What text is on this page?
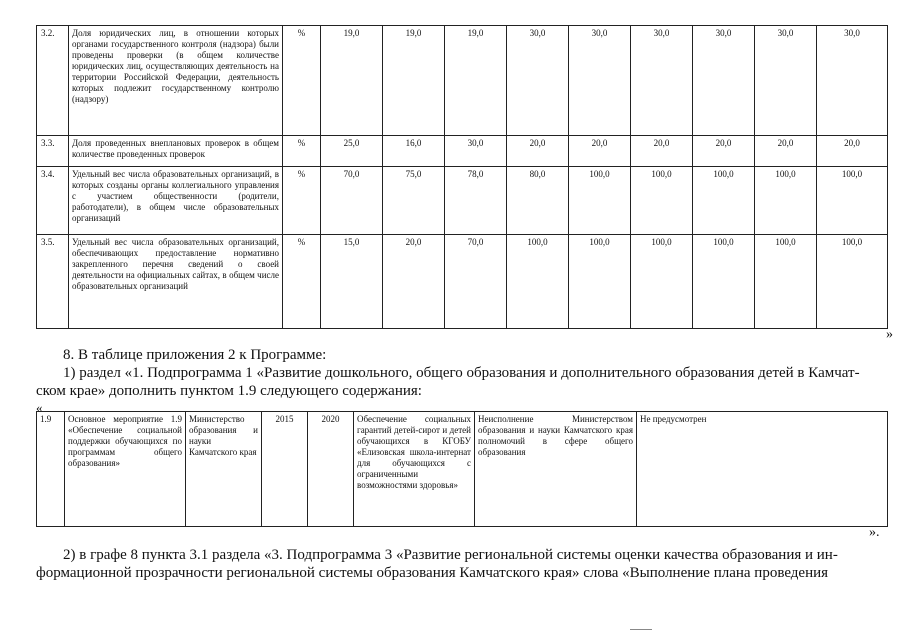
3.2.	Доля юридических лиц, в отношении которых органами государственного контроля (надзора) были проведены проверки (в общем количестве юридических лиц, осуществляющих деятельность на территории Российской Федерации, деятельность которых подлежит государственному контролю (надзору)	%	19,0	19,0	19,0	30,0	30,0	30,0	30,0	30,0	30,0
3.3.	Доля проведенных внеплановых проверок в общем количестве проведенных проверок	%	25,0	16,0	30,0	20,0	20,0	20,0	20,0	20,0	20,0
3.4.	Удельный вес числа образовательных организаций, в которых созданы органы коллегиального управления с участием общественности (родители, работодатели), в общем числе образовательных организаций	%	70,0	75,0	78,0	80,0	100,0	100,0	100,0	100,0	100,0
3.5.	Удельный вес числа образовательных организаций, обеспечивающих предоставление нормативно закрепленного перечня сведений о своей деятельности на официальных сайтах, в общем числе образовательных организаций	%	15,0	20,0	70,0	100,0	100,0	100,0	100,0	100,0	100,0
»
8. В таблице приложения 2 к Программе:
1) раздел «1. Подпрограмма 1 «Развитие дошкольного, общего образования и дополнительного образования детей в Камчат-
ском крае» дополнить пунктом 1.9 следующего содержания:
«
1.9	Основное мероприятие 1.9 «Обеспечение социальной поддержки обучающихся по программам общего образования»	Министерство образования и науки Камчатского края	2015	2020	Обеспечение социальных гарантий детей-сирот и детей обучающихся в КГОБУ «Елизовская школа-интернат для обучающихся с ограниченными возможностями здоровья»	Неисполнение Министерством образования и науки Камчатского края полномочий в сфере общего образования	Не предусмотрен
».
2) в графе 8 пункта 3.1 раздела «3. Подпрограмма 3 «Развитие региональной системы оценки качества образования и ин-
формационной прозрачности региональной системы образования Камчатского края» слова «Выполнение плана проведения
